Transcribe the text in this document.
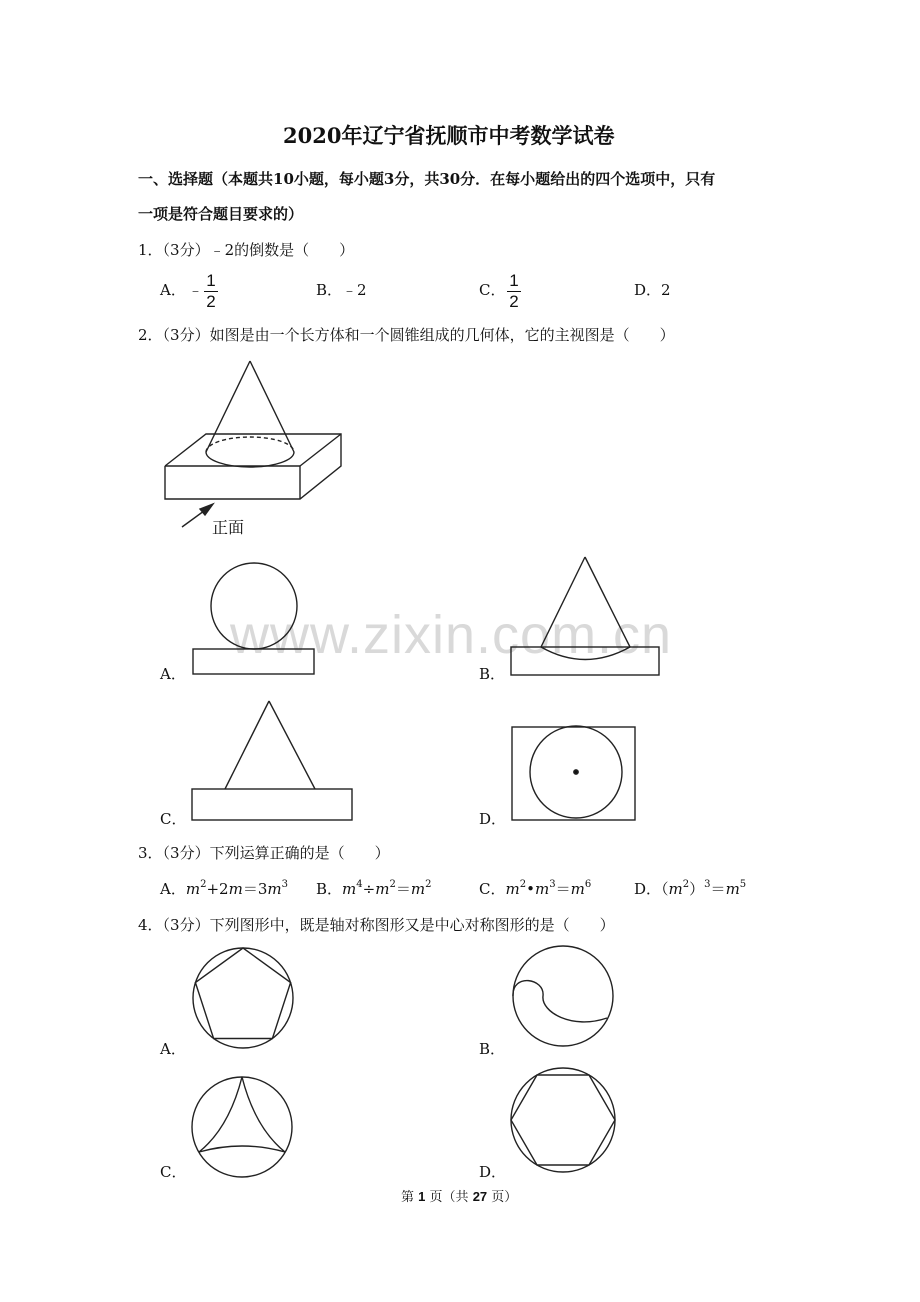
2020年辽宁省抚顺市中考数学试卷
一、选择题（本题共10小题，每小题3分，共30分．在每小题给出的四个选项中，只有
一项是符合题目要求的）
1．（3分）﹣2的倒数是（　　）
A． ﹣ 1
2
B．﹣2	C． 1
2
D．2
2．（3分）如图是由一个长方体和一个圆锥组成的几何体，它的主视图是（　　）
正面
www.zixin.com.cn
A．	B．
C．	D．
3．（3分）下列运算正确的是（　　）
A．$m^2+2m=3m^3$ B．$m^4\div m^2=m^2$	C．$m^2•m^3=m^6$	D．$(m^2)^3=m^5$
4．（3分）下列图形中，既是轴对称图形又是中心对称图形的是（　　）
A．	B．
C．	D．
第 1 页（共 27 页）
